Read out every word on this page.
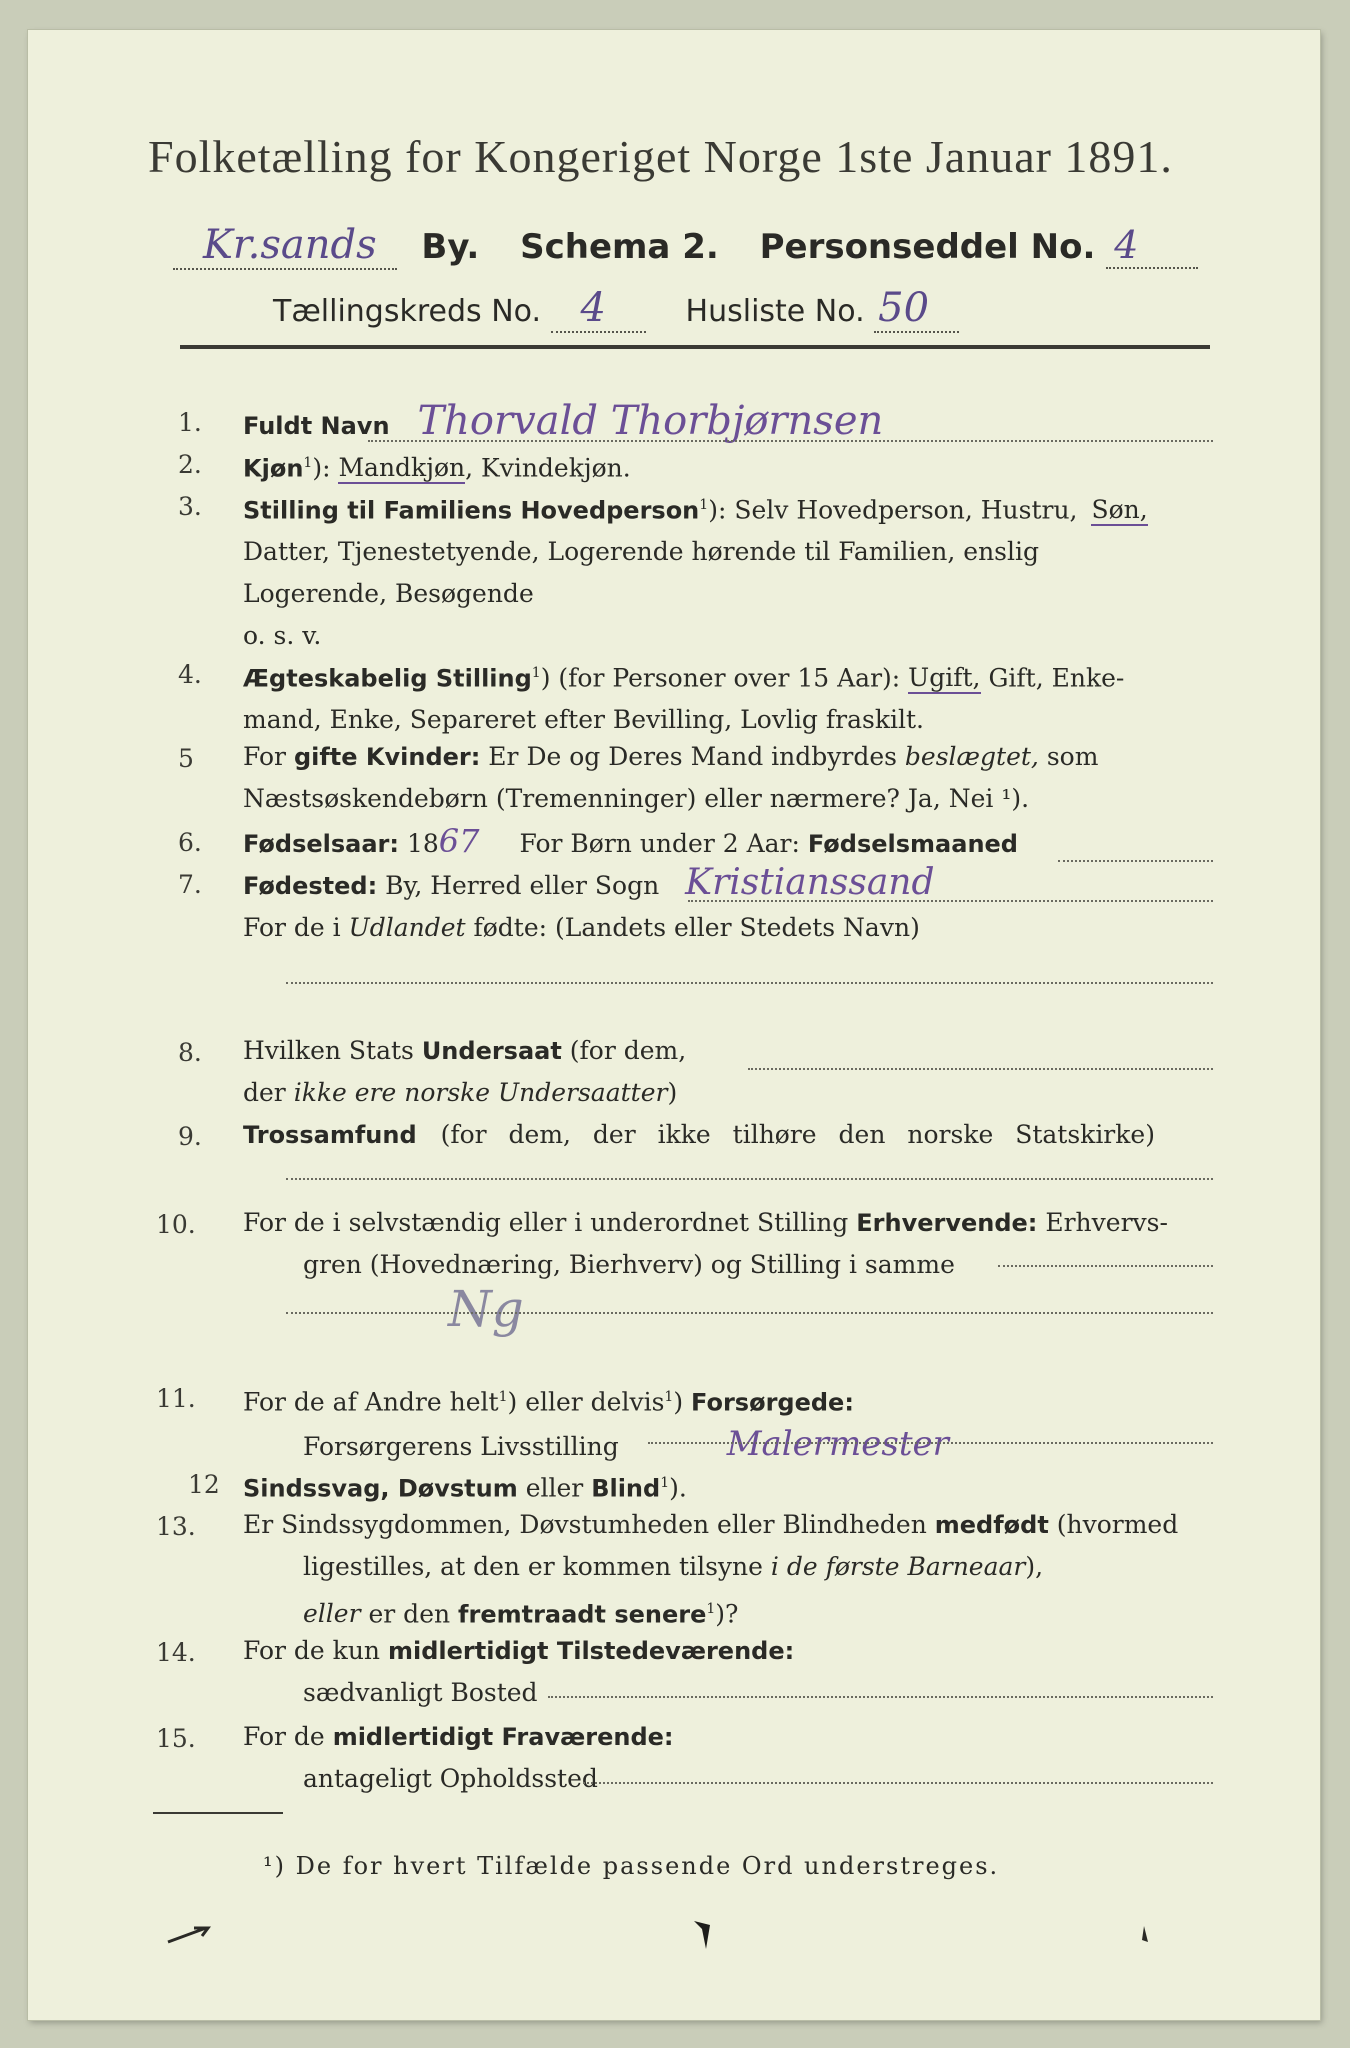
Folketælling for Kongeriget Norge 1ste Januar 1891.
Kr.sands By. Schema 2. Personseddel No. 4
Tællingskreds No. 4	Husliste No. 50
1. Fuldt Navn Thorvald Thorbjørnsen
2. Kjøn$^1$): Mandkjøn, Kvindekjøn.
3. Stilling til Familiens Hovedperson$^1$): Selv Hovedperson, Hustru, Søn,
Datter, Tjenestetyende, Logerende hørende til Familien, enslig
Logerende, Besøgende
o. s. v.
4. Ægteskabelig Stilling$^1$) (for Personer over 15 Aar): Ugift, Gift, Enke-
mand, Enke, Separeret efter Bevilling, Lovlig fraskilt.
5 For gifte Kvinder: Er De og Deres Mand indbyrdes beslægtet, som
Næstsøskendebørn (Tremenninger) eller nærmere? Ja, Nei ¹).
6. Fødselsaar: 1867 For Børn under 2 Aar: Fødselsmaaned
7. Fødested: By, Herred eller Sogn Kristianssand
For de i Udlandet fødte: (Landets eller Stedets Navn)
8. Hvilken Stats Undersaat (for dem,
der ikke ere norske Undersaatter)
9. Trossamfund (for dem, der ikke tilhøre den norske Statskirke)
10. For de i selvstændig eller i underordnet Stilling Erhvervende: Erhvervs-
gren (Hovednæring, Bierhverv) og Stilling i samme
Ng
11. For de af Andre helt$^1$) eller delvis$^1$) Forsørgede:
Forsørgerens Livsstilling	Malermester
12 Sindssvag, Døvstum eller Blind$^1$).
13. Er Sindssygdommen, Døvstumheden eller Blindheden medfødt (hvormed
ligestilles, at den er kommen tilsyne i de første Barneaar),
eller er den fremtraadt senere$^1$)?
14. For de kun midlertidigt Tilstedeværende:
sædvanligt Bosted
15. For de midlertidigt Fraværende:
antageligt Opholdssted
¹) De for hvert Tilfælde passende Ord understreges.
